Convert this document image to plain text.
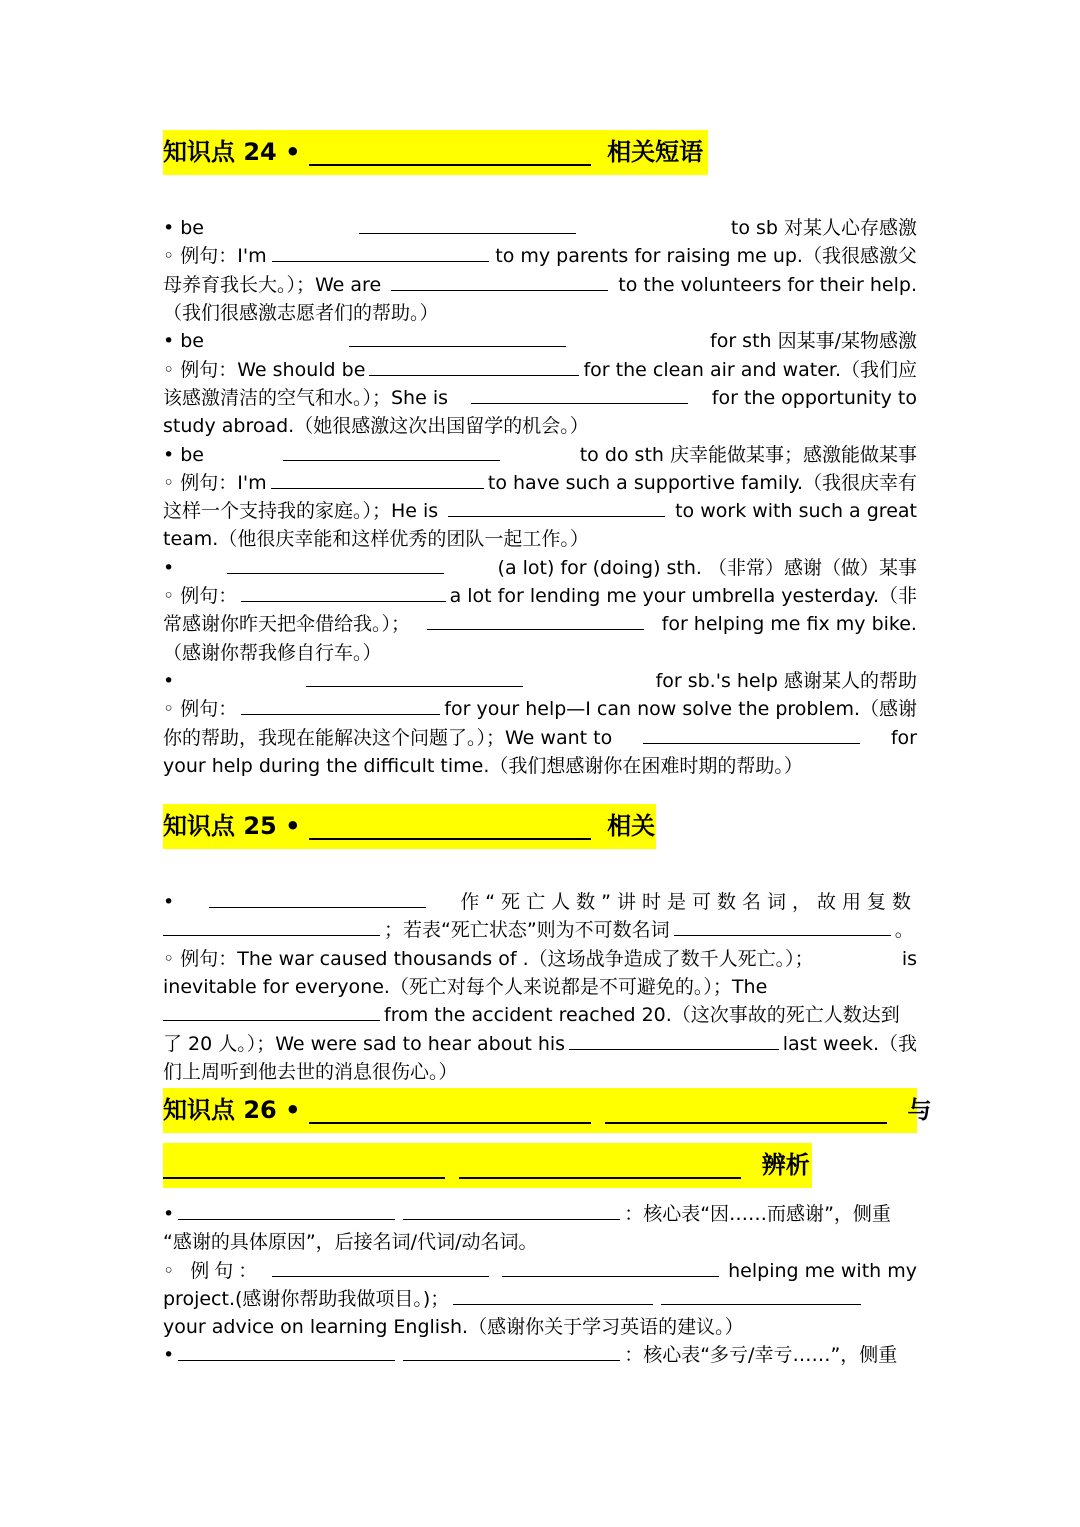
知识点 24 •	相关短语
• be	to sb 对某人心存感激
◦ 例句：I'm	to my parents for raising me up.（我很感激父
母养育我长大。）；We are	to the volunteers for their help.
（我们很感激志愿者们的帮助。）
• be	for sth 因某事/某物感激
◦ 例句：We should be	for the clean air and water.（我们应
该感激清洁的空气和水。）；She is	for the opportunity to
study abroad.（她很感激这次出国留学的机会。）
• be	to do sth 庆幸能做某事；感激能做某事
◦ 例句：I'm	to have such a supportive family.（我很庆幸有
这样一个支持我的家庭。）；He is	to work with such a great
team.（他很庆幸能和这样优秀的团队一起工作。）
•	(a lot) for (doing) sth. （非常）感谢（做）某事
◦ 例句：	a lot for lending me your umbrella yesterday.（非
常感谢你昨天把伞借给我。）；	for helping me fix my bike.
（感谢你帮我修自行车。）
•	for sb.'s help 感谢某人的帮助
◦ 例句：	for your help—I can now solve the problem.（感谢
你的帮助，我现在能解决这个问题了。）；We want to	for
your help during the difficult time.（我们想感谢你在困难时期的帮助。）
知识点 25 •	相关
•	作“死亡人数”讲时是可数名词，故用复数
；若表“死亡状态”则为不可数名词	。
◦ 例句：The war caused thousands of .（这场战争造成了数千人死亡。）；	is
inevitable for everyone.（死亡对每个人来说都是不可避免的。）；The
from the accident reached 20.（这次事故的死亡人数达到
了 20 人。）；We were sad to hear about his	last week.（我
们上周听到他去世的消息很伤心。）
知识点 26 •	与
辨析
•	：核心表“因……而感谢”，侧重
“感谢的具体原因”，后接名词/代词/动名词。
◦ 例句：	helping me with my
project.(感谢你帮助我做项目。)；
your advice on learning English.（感谢你关于学习英语的建议。）
•	：核心表“多亏/幸亏……”，侧重
